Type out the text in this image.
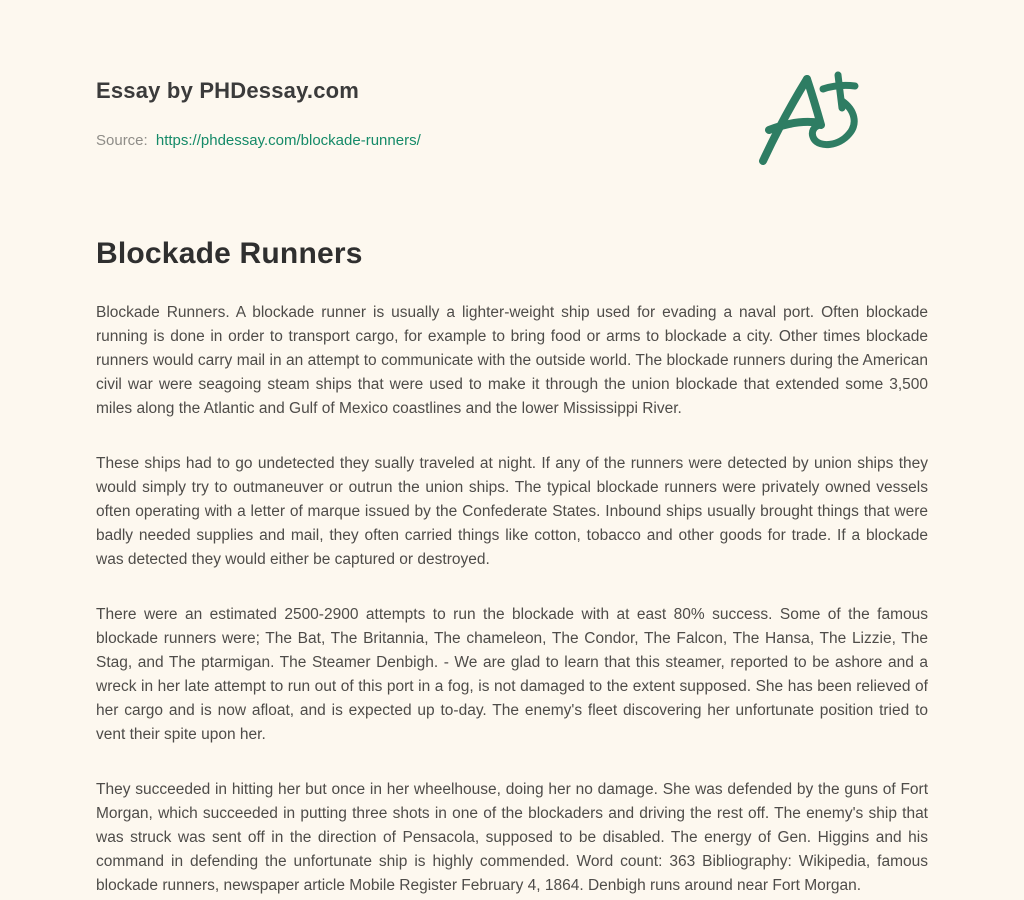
Essay by PHDessay.com
Source: https://phdessay.com/blockade-runners/
Blockade Runners

Blockade Runners. A blockade runner is usually a lighter-weight ship used for evading a naval port. Often blockade running is done in order to transport cargo, for example to bring food or arms to blockade a city. Other times blockade runners would carry mail in an attempt to communicate with the outside world. The blockade runners during the American civil war were seagoing steam ships that were used to make it through the union blockade that extended some 3,500 miles along the Atlantic and Gulf of Mexico coastlines and the lower Mississippi River.

These ships had to go undetected they sually traveled at night. If any of the runners were detected by union ships they would simply try to outmaneuver or outrun the union ships. The typical blockade runners were privately owned vessels often operating with a letter of marque issued by the Confederate States. Inbound ships usually brought things that were badly needed supplies and mail, they often carried things like cotton, tobacco and other goods for trade. If a blockade was detected they would either be captured or destroyed.

There were an estimated 2500-2900 attempts to run the blockade with at east 80% success. Some of the famous blockade runners were; The Bat, The Britannia, The chameleon, The Condor, The Falcon, The Hansa, The Lizzie, The Stag, and The ptarmigan. The Steamer Denbigh. - We are glad to learn that this steamer, reported to be ashore and a wreck in her late attempt to run out of this port in a fog, is not damaged to the extent supposed. She has been relieved of her cargo and is now afloat, and is expected up to-day. The enemy's fleet discovering her unfortunate position tried to vent their spite upon her.

They succeeded in hitting her but once in her wheelhouse, doing her no damage. She was defended by the guns of Fort Morgan, which succeeded in putting three shots in one of the blockaders and driving the rest off. The enemy's ship that was struck was sent off in the direction of Pensacola, supposed to be disabled. The energy of Gen. Higgins and his command in defending the unfortunate ship is highly commended. Word count: 363 Bibliography: Wikipedia, famous blockade runners, newspaper article Mobile Register February 4, 1864. Denbigh runs around near Fort Morgan.
